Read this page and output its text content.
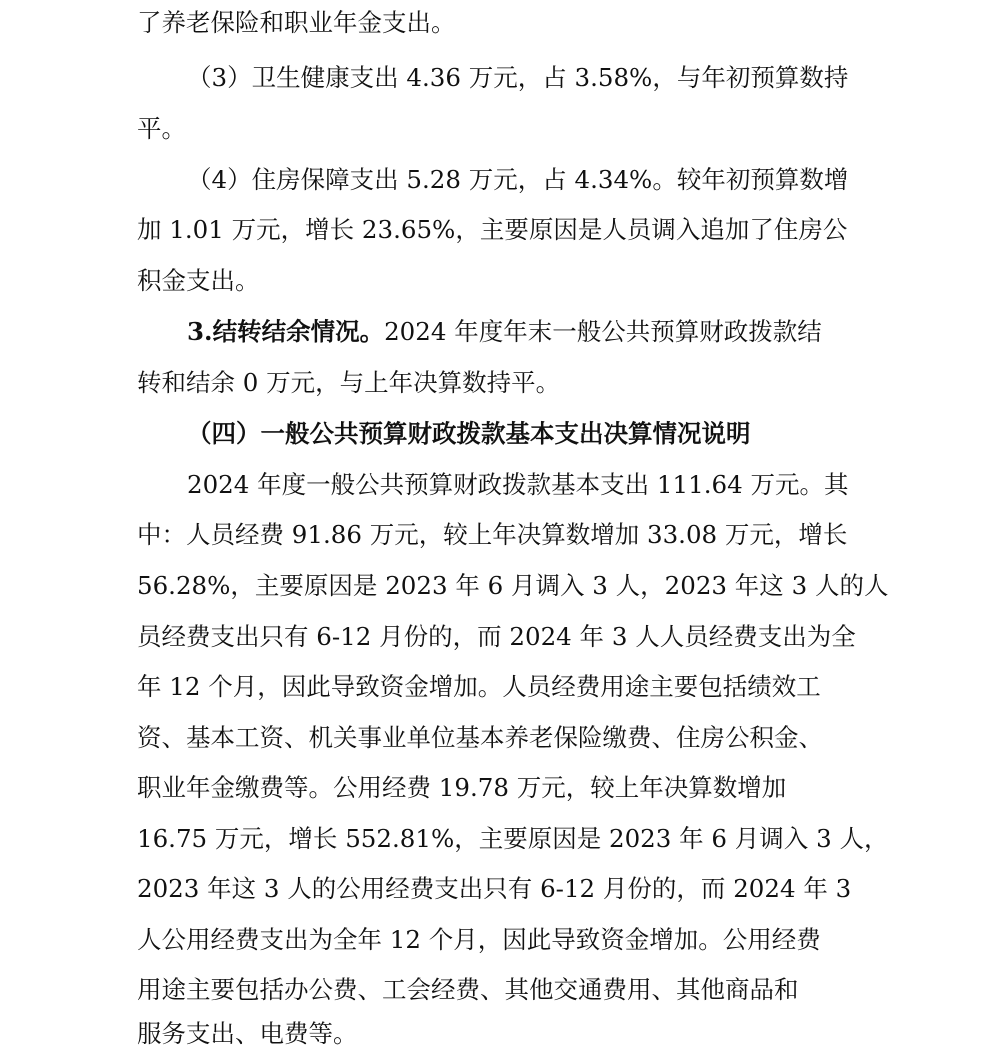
了养老保险和职业年金支出。
（3）卫生健康支出 4.36 万元，占 3.58%，与年初预算数持
平。
（4）住房保障支出 5.28 万元，占 4.34%。较年初预算数增
加 1.01 万元，增长 23.65%，主要原因是人员调入追加了住房公
积金支出。
3.结转结余情况。2024 年度年末一般公共预算财政拨款结
转和结余 0 万元，与上年决算数持平。
（四）一般公共预算财政拨款基本支出决算情况说明
2024 年度一般公共预算财政拨款基本支出 111.64 万元。其
中：人员经费 91.86 万元，较上年决算数增加 33.08 万元，增长
56.28%，主要原因是 2023 年 6 月调入 3 人，2023 年这 3 人的人
员经费支出只有 6-12 月份的，而 2024 年 3 人人员经费支出为全
年 12 个月，因此导致资金增加。人员经费用途主要包括绩效工
资、基本工资、机关事业单位基本养老保险缴费、住房公积金、
职业年金缴费等。公用经费 19.78 万元，较上年决算数增加
16.75 万元，增长 552.81%，主要原因是 2023 年 6 月调入 3 人，
2023 年这 3 人的公用经费支出只有 6-12 月份的，而 2024 年 3
人公用经费支出为全年 12 个月，因此导致资金增加。公用经费
用途主要包括办公费、工会经费、其他交通费用、其他商品和
服务支出、电费等。
